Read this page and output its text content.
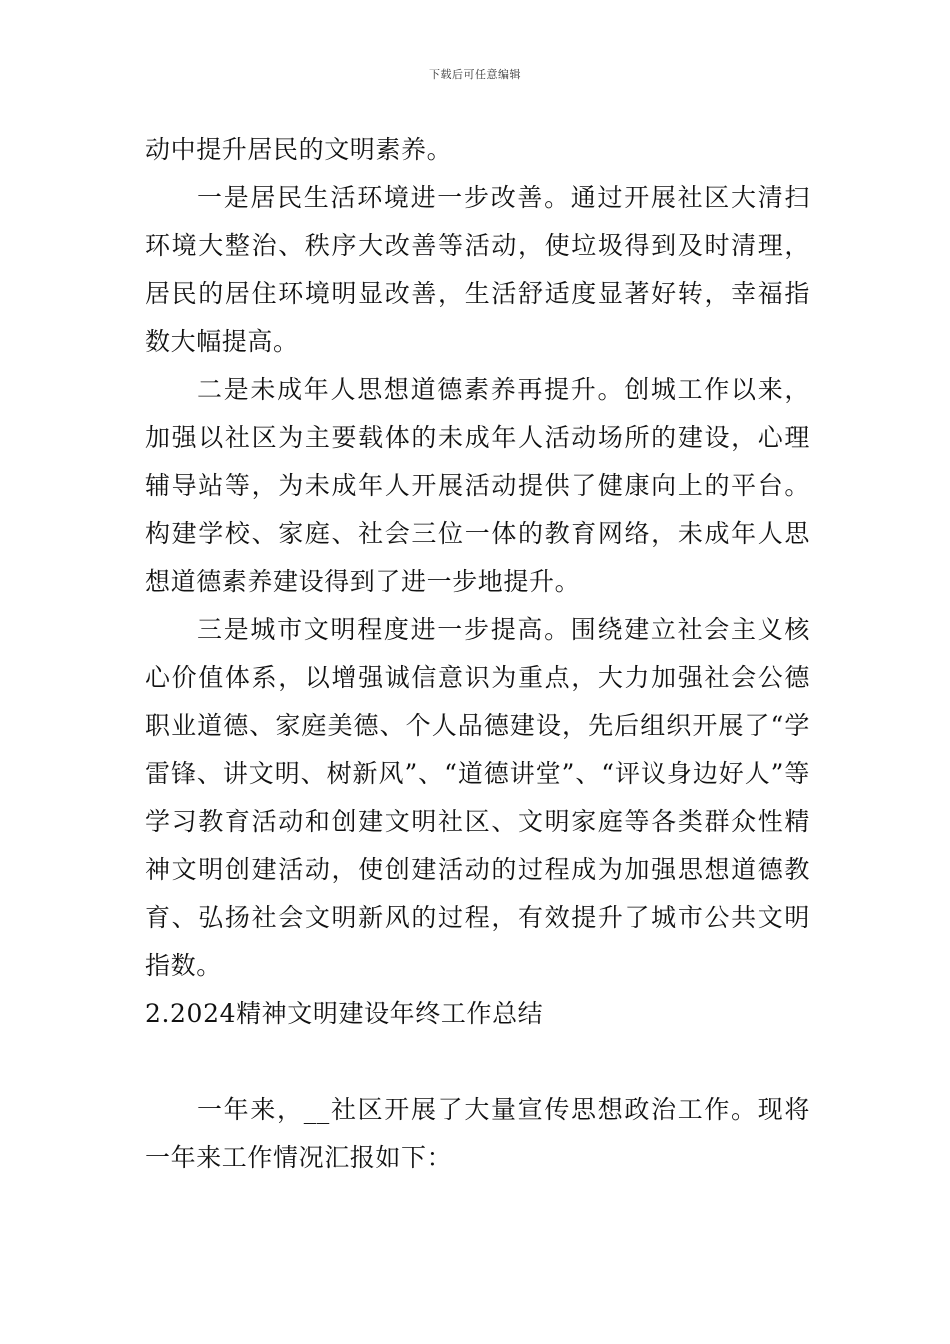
下载后可任意编辑

动中提升居民的文明素养。

一是居民生活环境进一步改善。通过开展社区大清扫环境大整治、秩序大改善等活动，使垃圾得到及时清理，居民的居住环境明显改善，生活舒适度显著好转，幸福指数大幅提高。

二是未成年人思想道德素养再提升。创城工作以来，加强以社区为主要载体的未成年人活动场所的建设，心理辅导站等，为未成年人开展活动提供了健康向上的平台。构建学校、家庭、社会三位一体的教育网络，未成年人思想道德素养建设得到了进一步地提升。

三是城市文明程度进一步提高。围绕建立社会主义核心价值体系，以增强诚信意识为重点，大力加强社会公德职业道德、家庭美德、个人品德建设，先后组织开展了“学雷锋、讲文明、树新风”、“道德讲堂”、“评议身边好人”等学习教育活动和创建文明社区、文明家庭等各类群众性精神文明创建活动，使创建活动的过程成为加强思想道德教育、弘扬社会文明新风的过程，有效提升了城市公共文明指数。

2.2024精神文明建设年终工作总结

一年来，__社区开展了大量宣传思想政治工作。现将一年来工作情况汇报如下：
